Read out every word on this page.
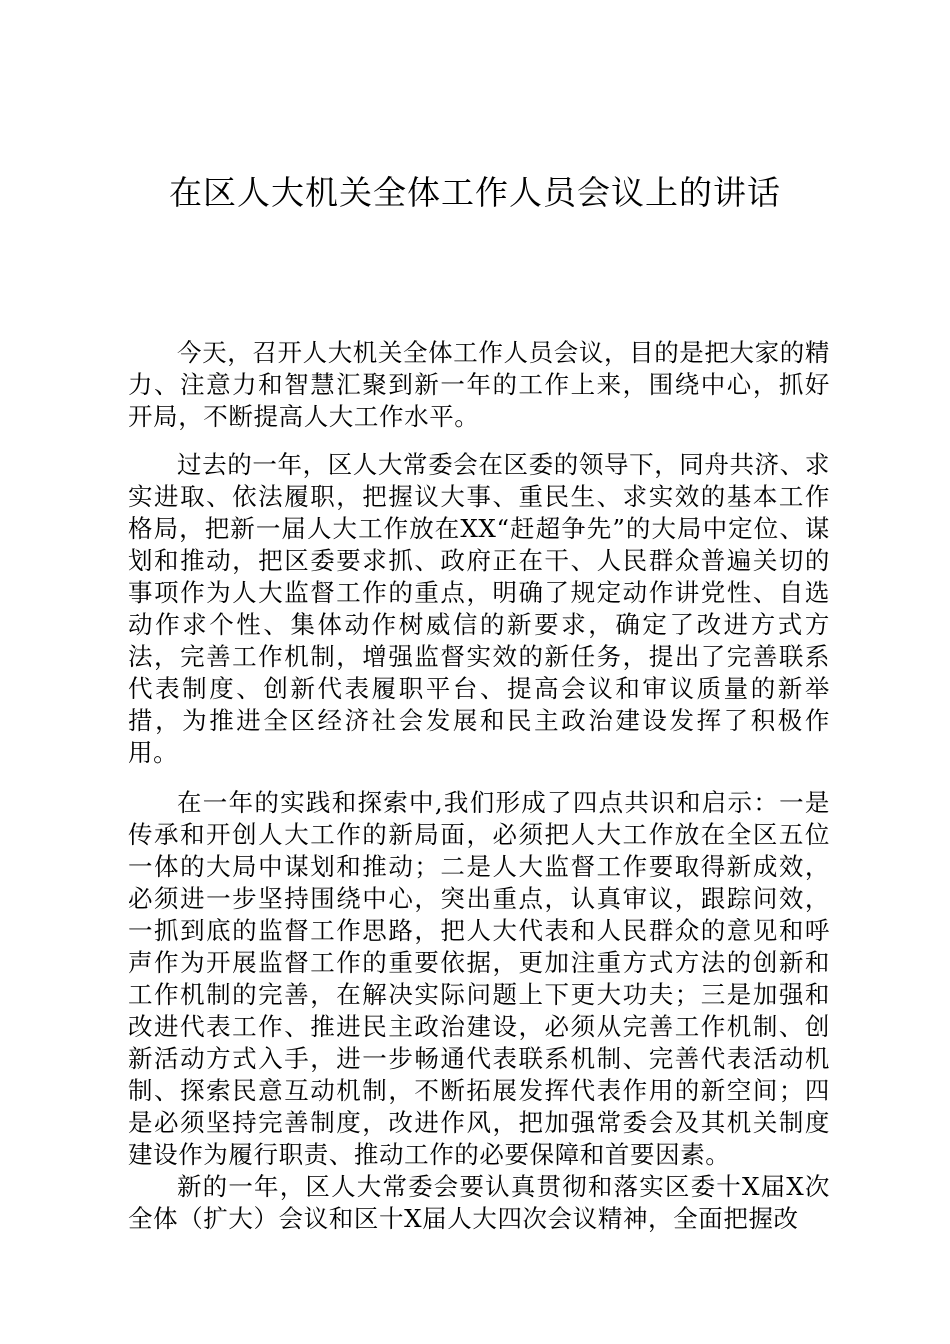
在区人大机关全体工作人员会议上的讲话

今天，召开人大机关全体工作人员会议，目的是把大家的精力、注意力和智慧汇聚到新一年的工作上来，围绕中心，抓好开局，不断提高人大工作水平。

过去的一年，区人大常委会在区委的领导下，同舟共济、求实进取、依法履职，把握议大事、重民生、求实效的基本工作格局，把新一届人大工作放在XX“赶超争先”的大局中定位、谋划和推动，把区委要求抓、政府正在干、人民群众普遍关切的事项作为人大监督工作的重点，明确了规定动作讲党性、自选动作求个性、集体动作树威信的新要求，确定了改进方式方法，完善工作机制，增强监督实效的新任务，提出了完善联系代表制度、创新代表履职平台、提高会议和审议质量的新举措，为推进全区经济社会发展和民主政治建设发挥了积极作用。

在一年的实践和探索中,我们形成了四点共识和启示：一是传承和开创人大工作的新局面，必须把人大工作放在全区五位一体的大局中谋划和推动；二是人大监督工作要取得新成效，必须进一步坚持围绕中心，突出重点，认真审议，跟踪问效，一抓到底的监督工作思路，把人大代表和人民群众的意见和呼声作为开展监督工作的重要依据，更加注重方式方法的创新和工作机制的完善，在解决实际问题上下更大功夫；三是加强和改进代表工作、推进民主政治建设，必须从完善工作机制、创新活动方式入手，进一步畅通代表联系机制、完善代表活动机制、探索民意互动机制，不断拓展发挥代表作用的新空间；四是必须坚持完善制度，改进作风，把加强常委会及其机关制度建设作为履行职责、推动工作的必要保障和首要因素。

新的一年，区人大常委会要认真贯彻和落实区委十X届X次全体（扩大）会议和区十X届人大四次会议精神，全面把握改
